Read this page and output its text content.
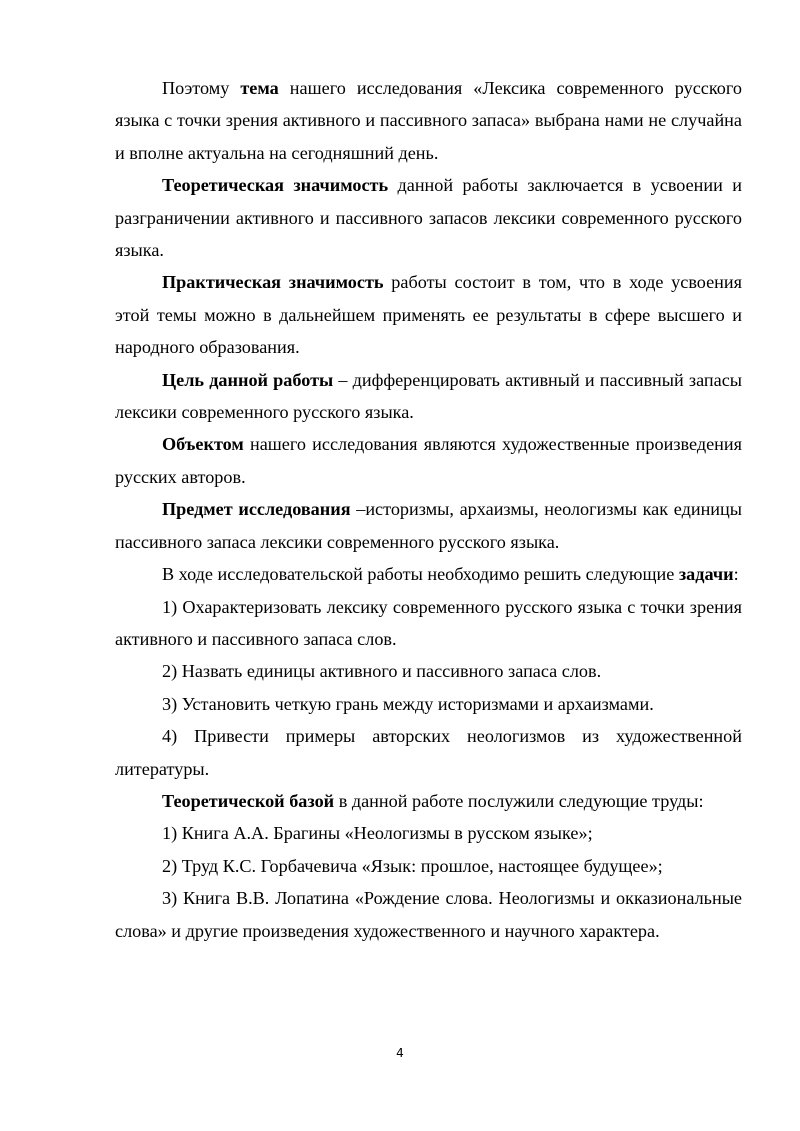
Поэтому тема нашего исследования «Лексика современного русского языка с точки зрения активного и пассивного запаса» выбрана нами не случайна и вполне актуальна на сегодняшний день.

Теоретическая значимость данной работы заключается в усвоении и разграничении активного и пассивного запасов лексики современного русского языка.

Практическая значимость работы состоит в том, что в ходе усвоения этой темы можно в дальнейшем применять ее результаты в сфере высшего и народного образования.

Цель данной работы – дифференцировать активный и пассивный запасы лексики современного русского языка.

Объектом нашего исследования являются художественные произведения русских авторов.

Предмет исследования –историзмы, архаизмы, неологизмы как единицы пассивного запаса лексики современного русского языка.

В ходе исследовательской работы необходимо решить следующие задачи:

1) Охарактеризовать лексику современного русского языка с точки зрения активного и пассивного запаса слов.

2) Назвать единицы активного и пассивного запаса слов.

3) Установить четкую грань между историзмами и архаизмами.

4) Привести примеры авторских неологизмов из художественной литературы.

Теоретической базой в данной работе послужили следующие труды:

1) Книга А.А. Брагины «Неологизмы в русском языке»;

2) Труд К.С. Горбачевича «Язык: прошлое, настоящее будущее»;

3) Книга В.В. Лопатина «Рождение слова. Неологизмы и окказиональные слова» и другие произведения художественного и научного характера.

4
